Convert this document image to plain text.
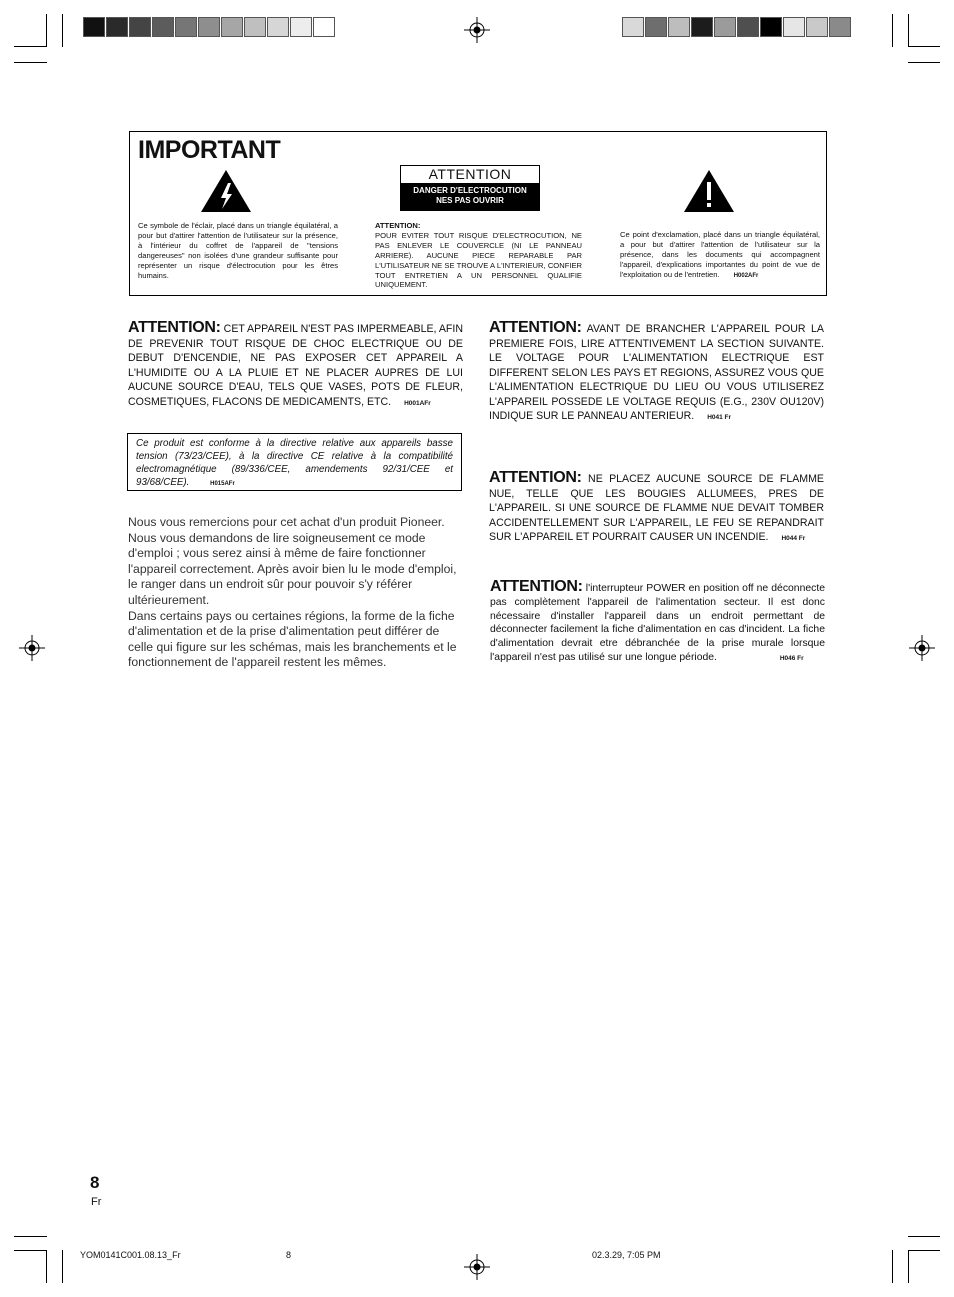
IMPORTANT
Ce symbole de l'éclair, placé dans un triangle équilatéral, a pour but d'attirer l'attention de l'utilisateur sur la présence, à l'intérieur du coffret de l'appareil de "tensions dangereuses" non isolées d'une grandeur suffisante pour représenter un risque d'électrocution pour les êtres humains.
ATTENTION
DANGER D'ELECTROCUTION
NES PAS OUVRIR
ATTENTION:
POUR EVITER TOUT RISQUE D'ELECTROCUTION, NE PAS ENLEVER LE COUVERCLE (NI LE PANNEAU ARRIERE). AUCUNE PIECE REPARABLE PAR L'UTILISATEUR NE SE TROUVE A L'INTERIEUR, CONFIER TOUT ENTRETIEN A UN PERSONNEL QUALIFIE UNIQUEMENT.
Ce point d'exclamation, placé dans un triangle équilatéral, a pour but d'attirer l'attention de l'utilisateur sur la présence, dans les documents qui accompagnent l'appareil, d'explications importantes du point de vue de l'exploitation ou de l'entretien. H002AFr
ATTENTION: CET APPAREIL N'EST PAS IMPERMEABLE, AFIN DE PREVENIR TOUT RISQUE DE CHOC ELECTRIQUE OU DE DEBUT D'ENCENDIE, NE PAS EXPOSER CET APPAREIL A L'HUMIDITE OU A LA PLUIE ET NE PLACER AUPRES DE LUI AUCUNE SOURCE D'EAU, TELS QUE VASES, POTS DE FLEUR, COSMETIQUES, FLACONS DE MEDICAMENTS, ETC. H001AFr
Ce produit est conforme à la directive relative aux appareils basse tension (73/23/CEE), à la directive CE relative à la compatibilité electromagnétique (89/336/CEE, amendements 92/31/CEE et 93/68/CEE).	H015AFr

Nous vous remercions pour cet achat d'un produit Pioneer.

Nous vous demandons de lire soigneusement ce mode d'emploi ; vous serez ainsi à même de faire fonctionner l'appareil correctement. Après avoir bien lu le mode d'emploi, le ranger dans un endroit sûr pour pouvoir s'y référer ultérieurement.

Dans certains pays ou certaines régions, la forme de la fiche d'alimentation et de la prise d'alimentation peut différer de celle qui figure sur les schémas, mais les branchements et le fonctionnement de l'appareil restent les mêmes.

ATTENTION: AVANT DE BRANCHER L'APPAREIL POUR LA PREMIERE FOIS, LIRE ATTENTIVEMENT LA SECTION SUIVANTE. LE VOLTAGE POUR L'ALIMENTATION ELECTRIQUE EST DIFFERENT SELON LES PAYS ET REGIONS, ASSUREZ VOUS QUE L'ALIMENTATION ELECTRIQUE DU LIEU OU VOUS UTILISEREZ L'APPAREIL POSSEDE LE VOLTAGE REQUIS (E.G., 230V OU120V) INDIQUE SUR LE PANNEAU ANTERIEUR. H041 Fr
ATTENTION: NE PLACEZ AUCUNE SOURCE DE FLAMME NUE, TELLE QUE LES BOUGIES ALLUMEES, PRES DE L'APPAREIL. SI UNE SOURCE DE FLAMME NUE DEVAIT TOMBER ACCIDENTELLEMENT SUR L'APPAREIL, LE FEU SE REPANDRAIT SUR L'APPAREIL ET POURRAIT CAUSER UN INCENDIE. H044 Fr
ATTENTION: l'interrupteur POWER en position off ne déconnecte pas complètement l'appareil de l'alimentation secteur. Il est donc nécessaire d'installer l'appareil dans un endroit permettant de déconnecter facilement la fiche d'alimentation en cas d'incident. La fiche d'alimentation devrait etre débranchée de la prise murale lorsque l'appareil n'est pas utilisé sur une longue période.	H046 Fr
8
Fr
YOM0141C001.08.13_Fr	8	02.3.29, 7:05 PM
